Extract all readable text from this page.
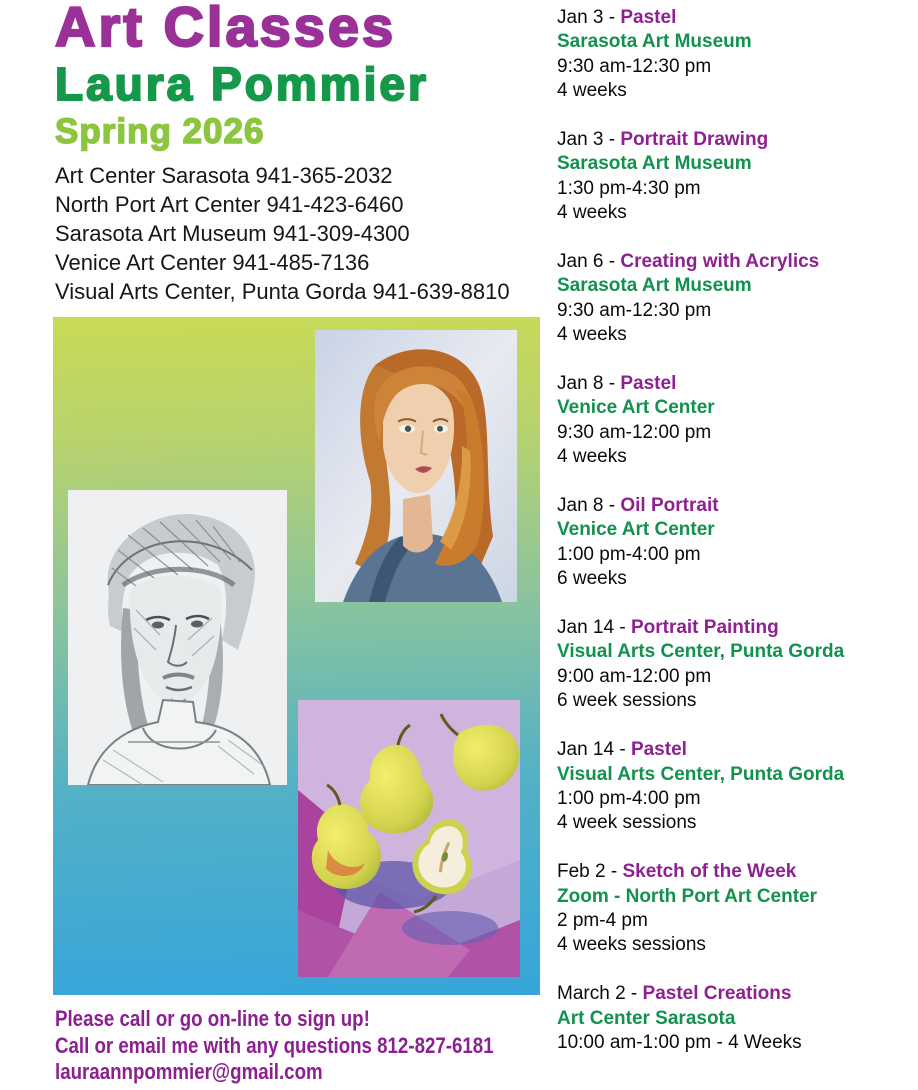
Art Classes
Laura Pommier
Spring 2026
Art Center Sarasota 941-365-2032
North Port Art Center 941-423-6460
Sarasota Art Museum 941-309-4300
Venice Art Center 941-485-7136
Visual Arts Center, Punta Gorda 941-639-8810
Jan 3 - Pastel
Sarasota Art Museum
9:30 am-12:30 pm
4 weeks
Jan 3 - Portrait Drawing
Sarasota Art Museum
1:30 pm-4:30 pm
4 weeks
Jan 6 - Creating with Acrylics
Sarasota Art Museum
9:30 am-12:30 pm
4 weeks
Jan 8 - Pastel
Venice Art Center
9:30 am-12:00 pm
4 weeks
Jan 8 - Oil Portrait
Venice Art Center
1:00 pm-4:00 pm
6 weeks
Jan 14 - Portrait Painting
Visual Arts Center, Punta Gorda
9:00 am-12:00 pm
6 week sessions
Jan 14 - Pastel
Visual Arts Center, Punta Gorda
1:00 pm-4:00 pm
4 week sessions
Feb 2 - Sketch of the Week
Zoom - North Port Art Center
2 pm-4 pm
4 weeks sessions
March 2 - Pastel Creations
Art Center Sarasota
10:00 am-1:00 pm - 4 Weeks
Please call or go on-line to sign up!
Call or email me with any questions 812-827-6181
lauraannpommier@gmail.com
